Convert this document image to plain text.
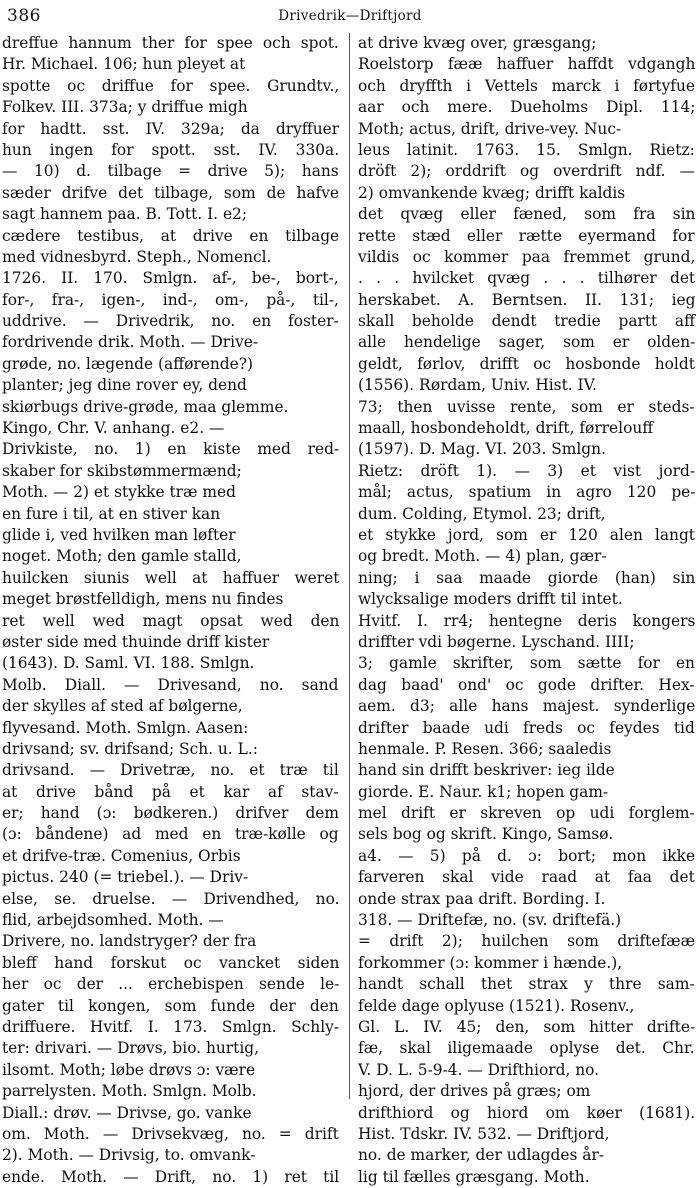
386	Drivedrik—Driftjord
dreffue hannum ther for spee och spot.
Hr. Michael. 106; hun pleyet at
spotte oc driffue for spee. Grundtv.,
Folkev. III. 373a; y driffue migh
for hadtt. sst. IV. 329a; da dryffuer
hun ingen for spott. sst. IV. 330a.
— 10) d. tilbage = drive 5); hans
sæder drifve det tilbage, som de hafve
sagt hannem paa. B. Tott. I. e2;
cædere testibus, at drive en tilbage
med vidnesbyrd. Steph., Nomencl.
1726. II. 170. Smlgn. af-, be-, bort-,
for-, fra-, igen-, ind-, om-, på-, til-,
uddrive. — Drivedrik, no. en foster-
fordrivende drik. Moth. — Drive-
grøde, no. lægende (afførende?)
planter; jeg dine rover ey, dend
skiørbugs drive-grøde, maa glemme.
Kingo, Chr. V. anhang. e2. —
Drivkiste, no. 1) en kiste med red-
skaber for skibstømmermænd;
Moth. — 2) et stykke træ med
en fure i til, at en stiver kan
glide i, ved hvilken man løfter
noget. Moth; den gamle stalld,
huilcken siunis well at haffuer weret
meget brøstfelldigh, mens nu findes
ret well wed magt opsat wed den
øster side med thuinde driff kister
(1643). D. Saml. VI. 188. Smlgn.
Molb. Diall. — Drivesand, no. sand
der skylles af sted af bølgerne,
flyvesand. Moth. Smlgn. Aasen:
drivsand; sv. drifsand; Sch. u. L.:
drivsand. — Drivetræ, no. et træ til
at drive bånd på et kar af stav-
er; hand (ɔ: bødkeren.) drifver dem
(ɔ: båndene) ad med en træ-kølle og
et drifve-træ. Comenius, Orbis
pictus. 240 (= triebel.). — Driv-
else, se. druelse. — Drivendhed, no.
flid, arbejdsomhed. Moth. —
Drivere, no. landstryger? der fra
bleff hand forskut oc vancket siden
her oc der ... erchebispen sende le-
gater til kongen, som funde der den
driffuere. Hvitf. I. 173. Smlgn. Schly-
ter: drivari. — Drøvs, bio. hurtig,
ilsomt. Moth; løbe drøvs ɔ: være
parrelysten. Moth. Smlgn. Molb.
Diall.: drøv. — Drivse, go. vanke
om. Moth. — Drivsekvæg, no. = drift
2). Moth. — Drivsig, to. omvank-
ende. Moth. — Drift, no. 1) ret til
at drive kvæg over, græsgang;
Roelstorp fææ haffuer haffdt vdgangh
och dryffth i Vettels marck i førtyfue
aar och mere. Dueholms Dipl. 114;
Moth; actus, drift, drive-vey. Nuc-
leus latinit. 1763. 15. Smlgn. Rietz:
dröft 2); orddrift og overdrift ndf. —
2) omvankende kvæg; drifft kaldis
det qvæg eller fæned, som fra sin
rette stæd eller rætte eyermand for
vildis oc kommer paa fremmet grund,
. . . hvilcket qvæg . . . tilhører det
herskabet. A. Berntsen. II. 131; ieg
skall beholde dendt tredie partt aff
alle hendelige sager, som er olden-
geldt, førlov, drifft oc hosbonde holdt
(1556). Rørdam, Univ. Hist. IV.
73; then uvisse rente, som er steds-
maall, hosbondeholdt, drift, førrelouff
(1597). D. Mag. VI. 203. Smlgn.
Rietz: dröft 1). — 3) et vist jord-
mål; actus, spatium in agro 120 pe-
dum. Colding, Etymol. 23; drift,
et stykke jord, som er 120 alen langt
og bredt. Moth. — 4) plan, gær-
ning; i saa maade giorde (han) sin
wlycksalige moders drifft til intet.
Hvitf. I. rr4; hentegne deris kongers
driffter vdi bøgerne. Lyschand. IIII;
3; gamle skrifter, som sætte for en
dag baad' ond' oc gode drifter. Hex-
aem. d3; alle hans majest. synderlige
drifter baade udi freds oc feydes tid
henmale. P. Resen. 366; saaledis
hand sin drifft beskriver: ieg ilde
giorde. E. Naur. k1; hopen gam-
mel drift er skreven op udi forglem-
sels bog og skrift. Kingo, Samsø.
a4. — 5) på d. ɔ: bort; mon ikke
farveren skal vide raad at faa det
onde strax paa drift. Bording. I.
318. — Driftefæ, no. (sv. driftefä.)
= drift 2); huilchen som driftefææ
forkommer (ɔ: kommer i hænde.),
handt schall thet strax y thre sam-
felde dage oplyuse (1521). Rosenv.,
Gl. L. IV. 45; den, som hitter drifte-
fæ, skal iligemaade oplyse det. Chr.
V. D. L. 5-9-4. — Drifthiord, no.
hjord, der drives på græs; om
drifthiord og hiord om køer (1681).
Hist. Tdskr. IV. 532. — Driftjord,
no. de marker, der udlagdes år-
lig til fælles græsgang. Moth.
